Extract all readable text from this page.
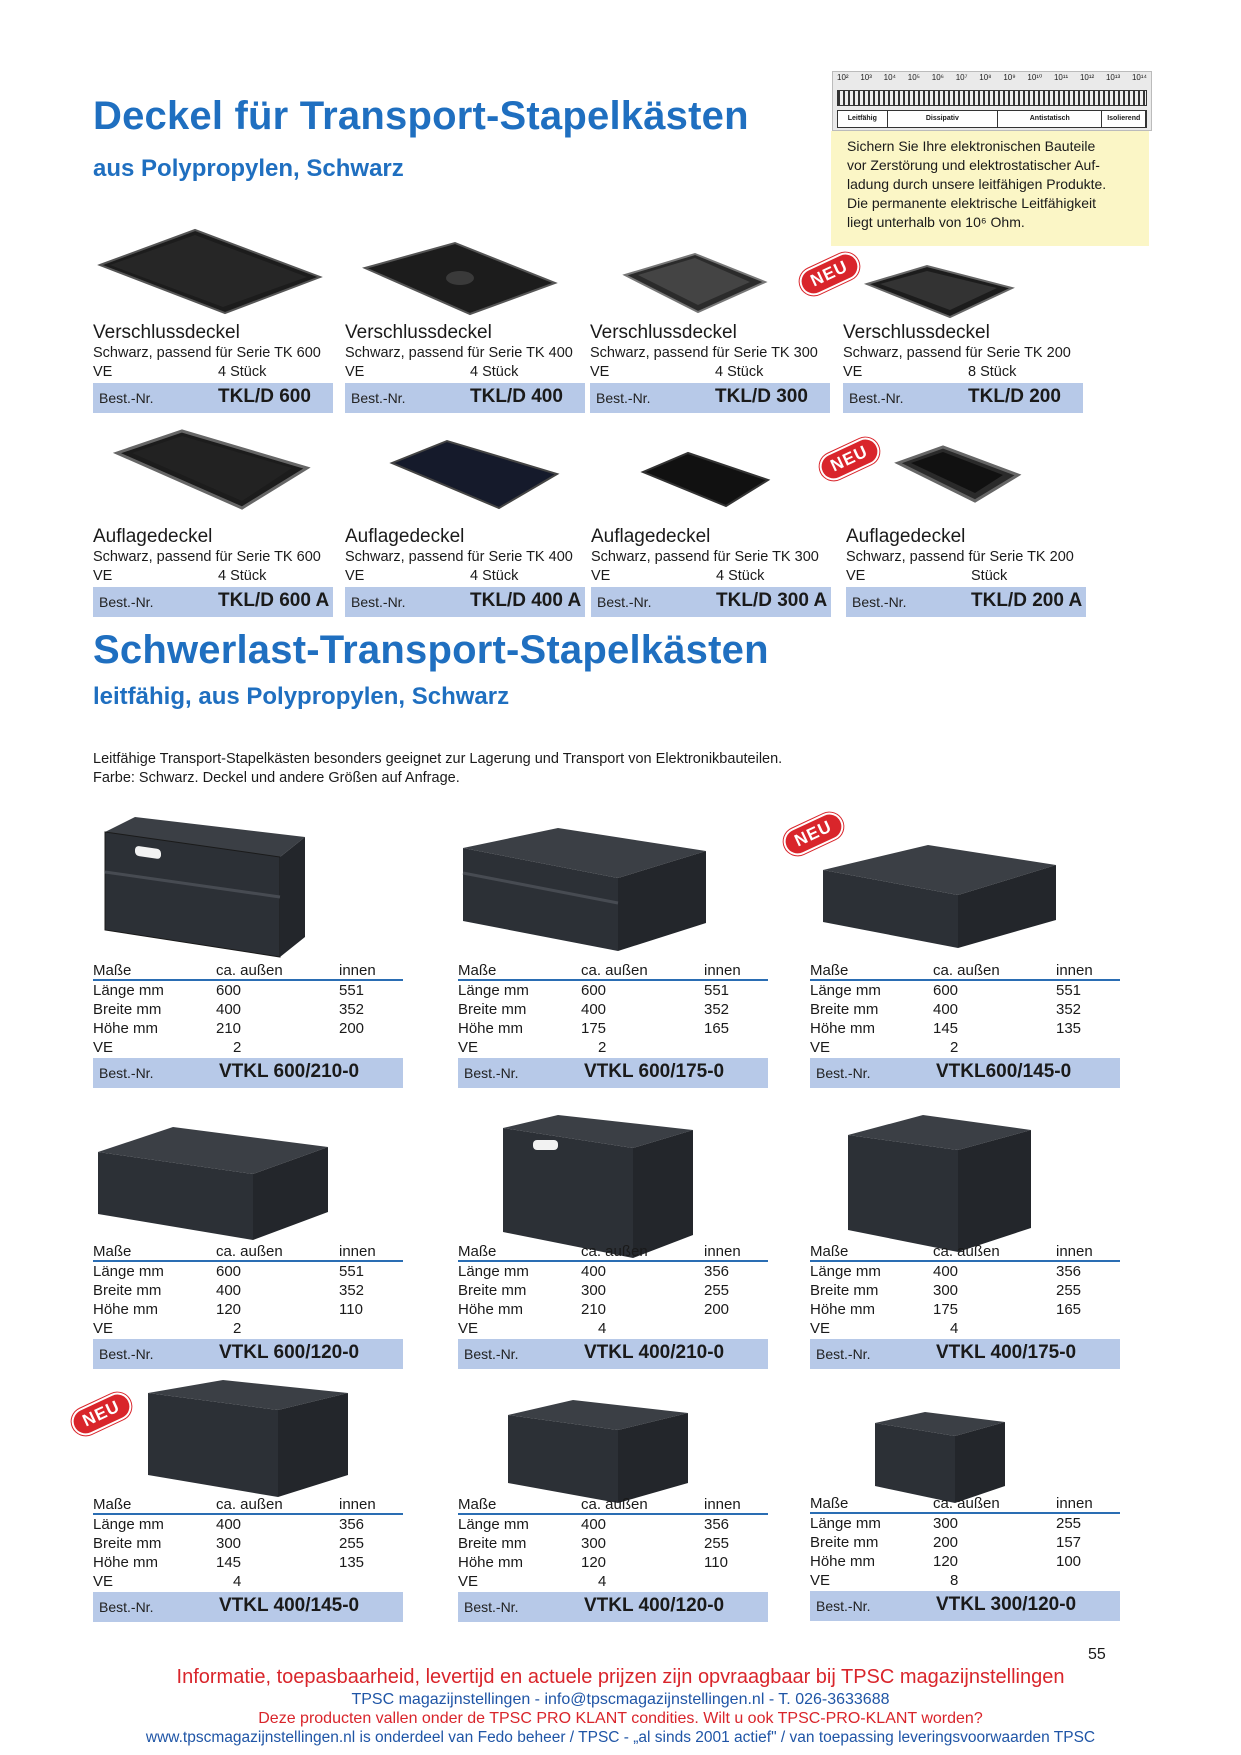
Deckel für Transport-Stapelkästen
aus Polypropylen, Schwarz
10² 10³ 10⁴ 10⁵ 10⁶ 10⁷ 10⁸ 10⁹ 10¹⁰ 10¹¹ 10¹² 10¹³ 10¹⁴
Leitfähig	Dissipativ	Antistatisch	Isolierend
Sichern Sie Ihre elektronischen Bauteile
vor Zerstörung und elektrostatischer Auf-
ladung durch unsere leitfähigen Produkte.
Die permanente elektrische Leitfähigkeit
liegt unterhalb von 10⁶ Ohm.
NEU
Verschlussdeckel
Schwarz, passend für Serie TK 600
VE	4 Stück
Best.-Nr.	TKL/D 600
Verschlussdeckel
Schwarz, passend für Serie TK 400
VE	4 Stück
Best.-Nr.	TKL/D 400
Verschlussdeckel
Schwarz, passend für Serie TK 300
VE	4 Stück
Best.-Nr.	TKL/D 300
Verschlussdeckel
Schwarz, passend für Serie TK 200
VE	8 Stück
Best.-Nr.	TKL/D 200
NEU
Auflagedeckel
Schwarz, passend für Serie TK 600
VE	4 Stück
Best.-Nr.	TKL/D 600 A
Auflagedeckel
Schwarz, passend für Serie TK 400
VE	4 Stück
Best.-Nr.	TKL/D 400 A
Auflagedeckel
Schwarz, passend für Serie TK 300
VE	4 Stück
Best.-Nr.	TKL/D 300 A
Auflagedeckel
Schwarz, passend für Serie TK 200
VE	Stück
Best.-Nr.	TKL/D 200 A
Schwerlast-Transport-Stapelkästen
leitfähig, aus Polypropylen, Schwarz
Leitfähige Transport-Stapelkästen besonders geeignet zur Lagerung und Transport von Elektronikbauteilen.
Farbe: Schwarz. Deckel und andere Größen auf Anfrage.
NEU
NEU
Maße	ca. außen	innen
Länge mm	600	551
Breite mm	400	352
Höhe mm	210	200
VE	2
Best.-Nr.	VTKL 600/210-0
Maße	ca. außen	innen
Länge mm	600	551
Breite mm	400	352
Höhe mm	175	165
VE	2
Best.-Nr.	VTKL 600/175-0
Maße	ca. außen	innen
Länge mm	600	551
Breite mm	400	352
Höhe mm	145	135
VE	2
Best.-Nr.	VTKL600/145-0
Maße	ca. außen	innen
Länge mm	600	551
Breite mm	400	352
Höhe mm	120	110
VE	2
Best.-Nr.	VTKL 600/120-0
Maße	ca. außen	innen
Länge mm	400	356
Breite mm	300	255
Höhe mm	210	200
VE	4
Best.-Nr.	VTKL 400/210-0
Maße	ca. außen	innen
Länge mm	400	356
Breite mm	300	255
Höhe mm	175	165
VE	4
Best.-Nr.	VTKL 400/175-0
Maße	ca. außen	innen
Länge mm	400	356
Breite mm	300	255
Höhe mm	145	135
VE	4
Best.-Nr.	VTKL 400/145-0
Maße	ca. außen	innen
Länge mm	400	356
Breite mm	300	255
Höhe mm	120	110
VE	4
Best.-Nr.	VTKL 400/120-0
Maße	ca. außen	innen
Länge mm	300	255
Breite mm	200	157
Höhe mm	120	100
VE	8
Best.-Nr.	VTKL 300/120-0
55
Informatie, toepasbaarheid, levertijd en actuele prijzen zijn opvraagbaar bij TPSC magazijnstellingen
TPSC magazijnstellingen - info@tpscmagazijnstellingen.nl - T. 026-3633688
Deze producten vallen onder de TPSC PRO KLANT condities. Wilt u ook TPSC-PRO-KLANT worden?
www.tpscmagazijnstellingen.nl is onderdeel van Fedo beheer / TPSC - „al sinds 2001 actief" / van toepassing leveringsvoorwaarden TPSC
